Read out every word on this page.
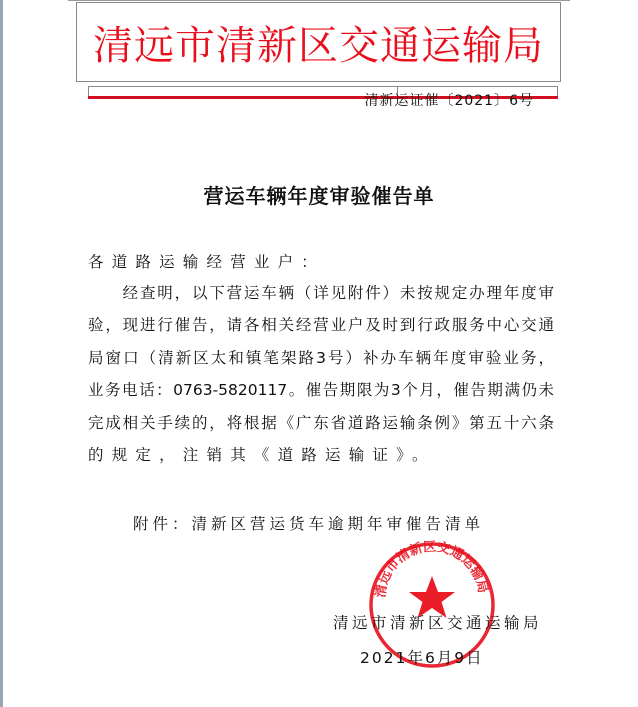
清远市清新区交通运输局
清新运证催〔2021〕6号
营运车辆年度审验催告单
各道路运输经营业户：
　　经查明，以下营运车辆（详见附件）未按规定办理年度审
验，现进行催告，请各相关经营业户及时到行政服务中心交通
局窗口（清新区太和镇笔架路3号）补办车辆年度审验业务，
业务电话：0763-5820117。催告期限为3个月，催告期满仍未
完成相关手续的，将根据《广东省道路运输条例》第五十六条
的规定，注销其《道路运输证》。
附件：清新区营运货车逾期年审催告清单
清远市清新区交通运输局
清远市清新区交通运输局
2021年6月9日
